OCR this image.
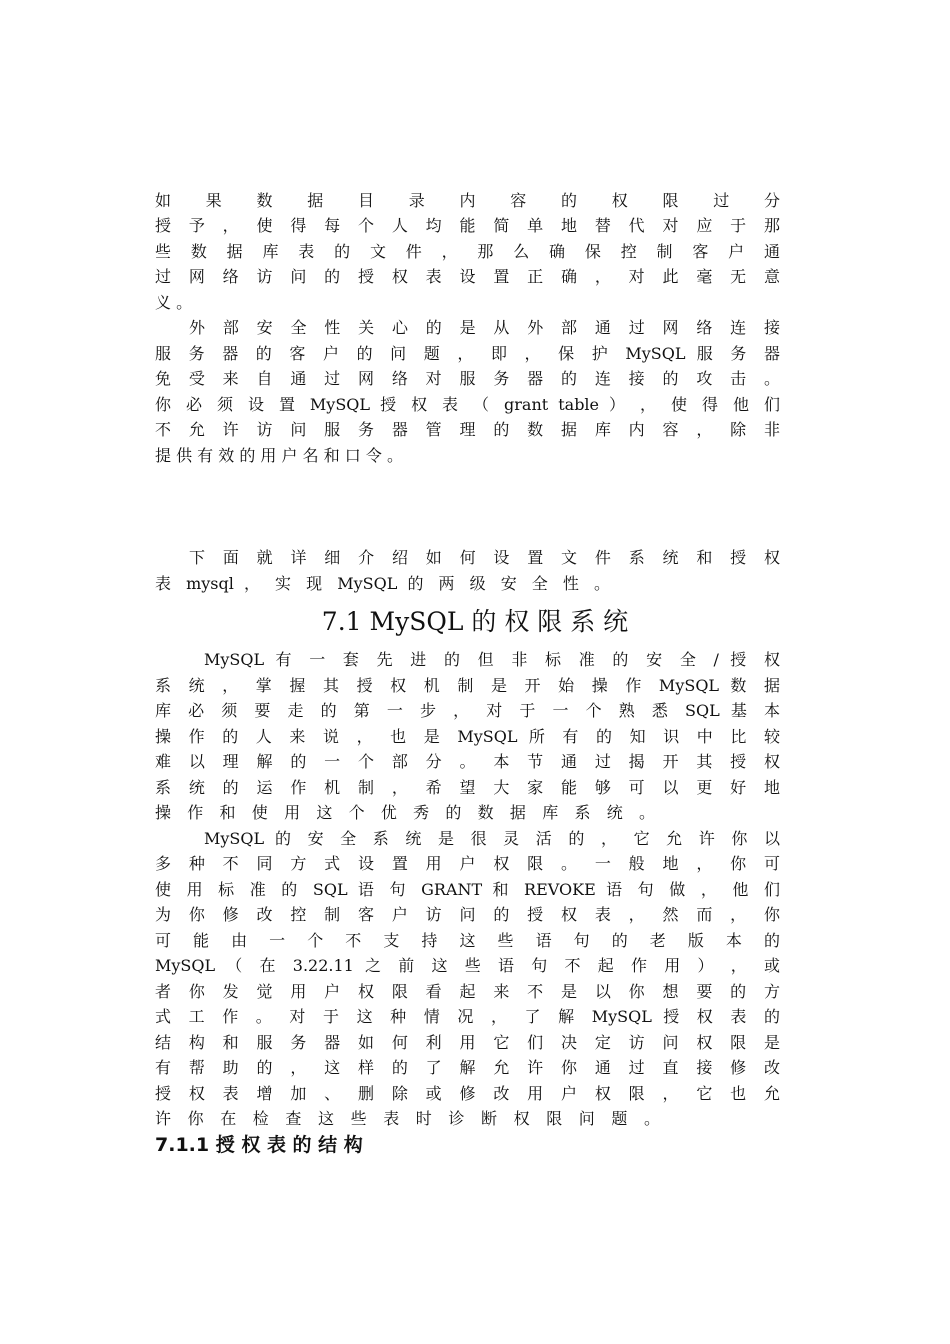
如 果 数 据 目 录 内 容 的 权 限 过 分
授 予 ， 使 得 每 个 人 均 能 简 单 地 替 代 对 应 于 那
些 数 据 库 表 的 文 件 ， 那 么 确 保 控 制 客 户 通
过 网 络 访 问 的 授 权 表 设 置 正 确 ， 对 此 毫 无 意
义 。
外 部 安 全 性 关 心 的 是 从 外 部 通 过 网 络 连 接
服 务 器 的 客 户 的 问 题 ， 即 ， 保 护 MySQL 服 务 器
免 受 来 自 通 过 网 络 对 服 务 器 的 连 接 的 攻 击 。
你 必 须 设 置 MySQL 授 权 表 （ grant table ） ， 使 得 他 们
不 允 许 访 问 服 务 器 管 理 的 数 据 库 内 容 ， 除 非
提 供 有 效 的 用 户 名 和 口 令 。
下 面 就 详 细 介 绍 如 何 设 置 文 件 系 统 和 授 权
表 mysql ， 实 现 MySQL 的 两 级 安 全 性 。
7.1 MySQL 的 权 限 系 统
MySQL 有 一 套 先 进 的 但 非 标 准 的 安 全 / 授 权
系 统 ， 掌 握 其 授 权 机 制 是 开 始 操 作 MySQL 数 据
库 必 须 要 走 的 第 一 步 ， 对 于 一 个 熟 悉 SQL 基 本
操 作 的 人 来 说 ， 也 是 MySQL 所 有 的 知 识 中 比 较
难 以 理 解 的 一 个 部 分 。 本 节 通 过 揭 开 其 授 权
系 统 的 运 作 机 制 ， 希 望 大 家 能 够 可 以 更 好 地
操 作 和 使 用 这 个 优 秀 的 数 据 库 系 统 。
MySQL 的 安 全 系 统 是 很 灵 活 的 ， 它 允 许 你 以
多 种 不 同 方 式 设 置 用 户 权 限 。 一 般 地 ， 你 可
使 用 标 准 的 SQL 语 句 GRANT 和 REVOKE 语 句 做 ， 他 们
为 你 修 改 控 制 客 户 访 问 的 授 权 表 ， 然 而 ， 你
可 能 由 一 个 不 支 持 这 些 语 句 的 老 版 本 的
MySQL （ 在 3.22.11 之 前 这 些 语 句 不 起 作 用 ） ， 或
者 你 发 觉 用 户 权 限 看 起 来 不 是 以 你 想 要 的 方
式 工 作 。 对 于 这 种 情 况 ， 了 解 MySQL 授 权 表 的
结 构 和 服 务 器 如 何 利 用 它 们 决 定 访 问 权 限 是
有 帮 助 的 ， 这 样 的 了 解 允 许 你 通 过 直 接 修 改
授 权 表 增 加 、 删 除 或 修 改 用 户 权 限 ， 它 也 允
许 你 在 检 查 这 些 表 时 诊 断 权 限 问 题 。
7.1.1 授 权 表 的 结 构
